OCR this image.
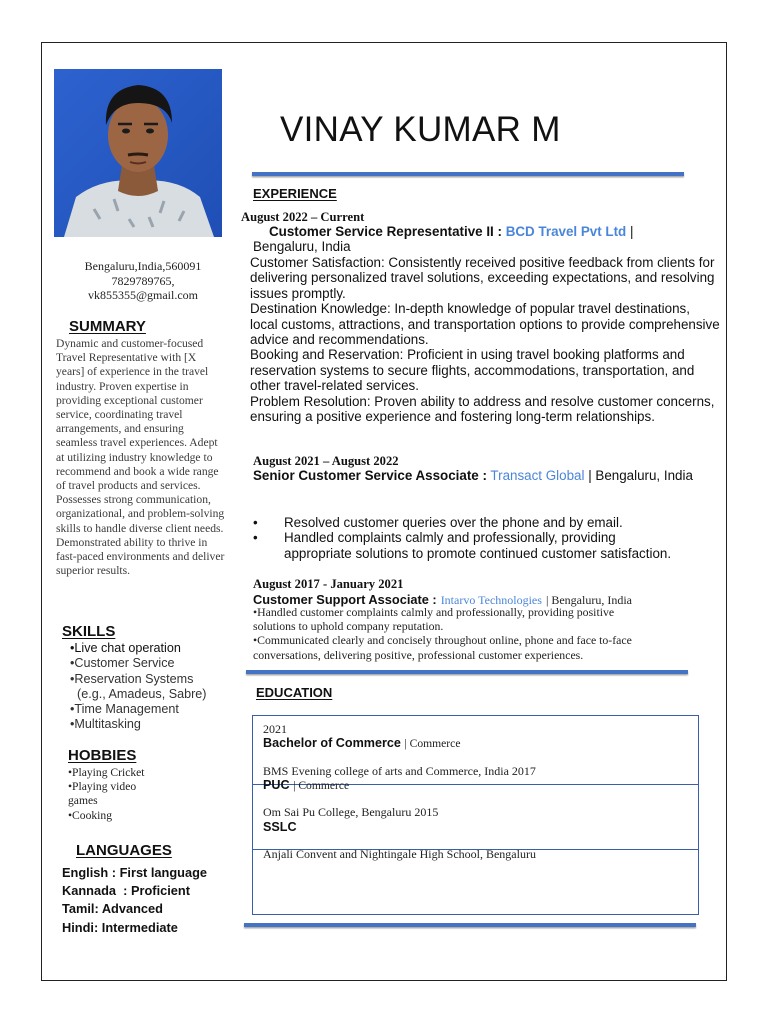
Bengaluru,India,560091
7829789765,
vk855355@gmail.com
SUMMARY
Dynamic and customer-focused Travel Representative with [X years] of experience in the travel industry. Proven expertise in providing exceptional customer service, coordinating travel arrangements, and ensuring seamless travel experiences. Adept at utilizing industry knowledge to recommend and book a wide range of travel products and services. Possesses strong communication, organizational, and problem-solving skills to handle diverse client needs. Demonstrated ability to thrive in fast-paced environments and deliver superior results.
SKILLS
•Live chat operation
•Customer Service
•Reservation Systems
(e.g., Amadeus, Sabre)
•Time Management
•Multitasking
HOBBIES
•Playing Cricket
•Playing video games
•Cooking
LANGUAGES
English : First language
Kannada  : Proficient
Tamil: Advanced
Hindi: Intermediate
VINAY KUMAR M
EXPERIENCE
August 2022 – Current
Customer Service Representative II : BCD Travel Pvt Ltd |
Bengaluru, India
Customer Satisfaction: Consistently received positive feedback from clients for delivering personalized travel solutions, exceeding expectations, and resolving issues promptly.
Destination Knowledge: In-depth knowledge of popular travel destinations, local customs, attractions, and transportation options to provide comprehensive advice and recommendations.
Booking and Reservation: Proficient in using travel booking platforms and reservation systems to secure flights, accommodations, transportation, and other travel-related services.
Problem Resolution: Proven ability to address and resolve customer concerns, ensuring a positive experience and fostering long-term relationships.
August 2021 – August 2022
Senior Customer Service Associate : Transact Global | Bengaluru, India
•	Resolved customer queries over the phone and by email.
• Handled complaints calmly and professionally, providing appropriate solutions to promote continued customer satisfaction.
August 2017 - January 2021
Customer Support Associate : Intarvo Technologies | Bengaluru, India
•Handled customer complaints calmly and professionally, providing positive solutions to uphold company reputation.
•Communicated clearly and concisely throughout online, phone and face to-face conversations, delivering positive, professional customer experiences.
EDUCATION
2021
Bachelor of Commerce | Commerce
BMS Evening college of arts and Commerce, India 2017
PUC | Commerce
Om Sai Pu College, Bengaluru 2015
SSLC
Anjali Convent and Nightingale High School, Bengaluru
